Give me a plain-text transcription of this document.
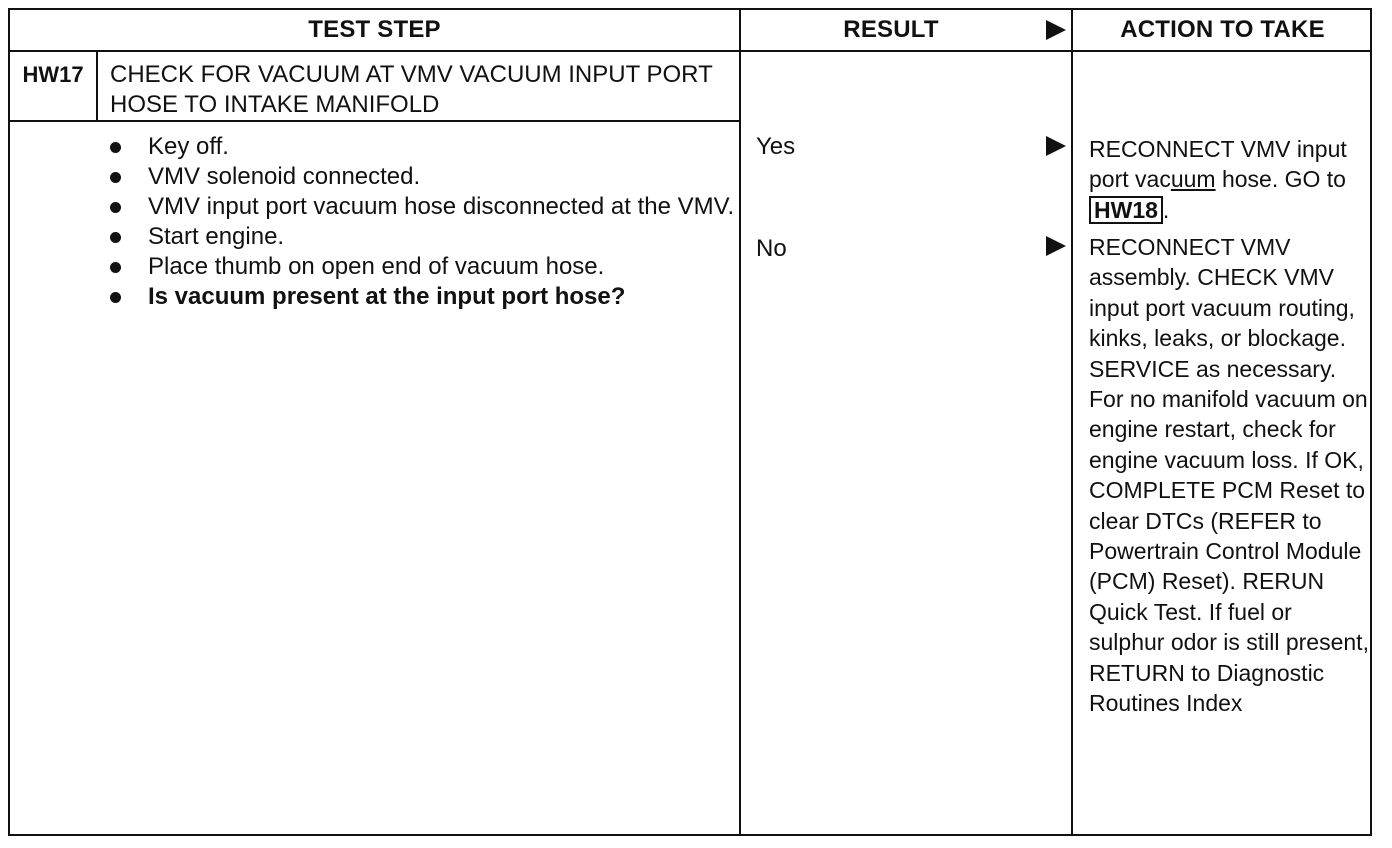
TEST STEP	RESULT	ACTION TO TAKE
HW17	CHECK FOR VACUUM AT VMV VACUUM INPUT PORT HOSE TO INTAKE MANIFOLD
Key off.
VMV solenoid connected.
VMV input port vacuum hose disconnected at the VMV.
Start engine.
Place thumb on open end of vacuum hose.
Is vacuum present at the input port hose?
Yes	RECONNECT VMV input port vacuum hose. GO to HW18 .
No	RECONNECT VMV assembly. CHECK VMV input port vacuum routing, kinks, leaks, or blockage. SERVICE as necessary. For no manifold vacuum on engine restart, check for engine vacuum loss. If OK, COMPLETE PCM Reset to clear DTCs (REFER to Powertrain Control Module (PCM) Reset). RERUN Quick Test. If fuel or sulphur odor is still present, RETURN to Diagnostic Routines Index
